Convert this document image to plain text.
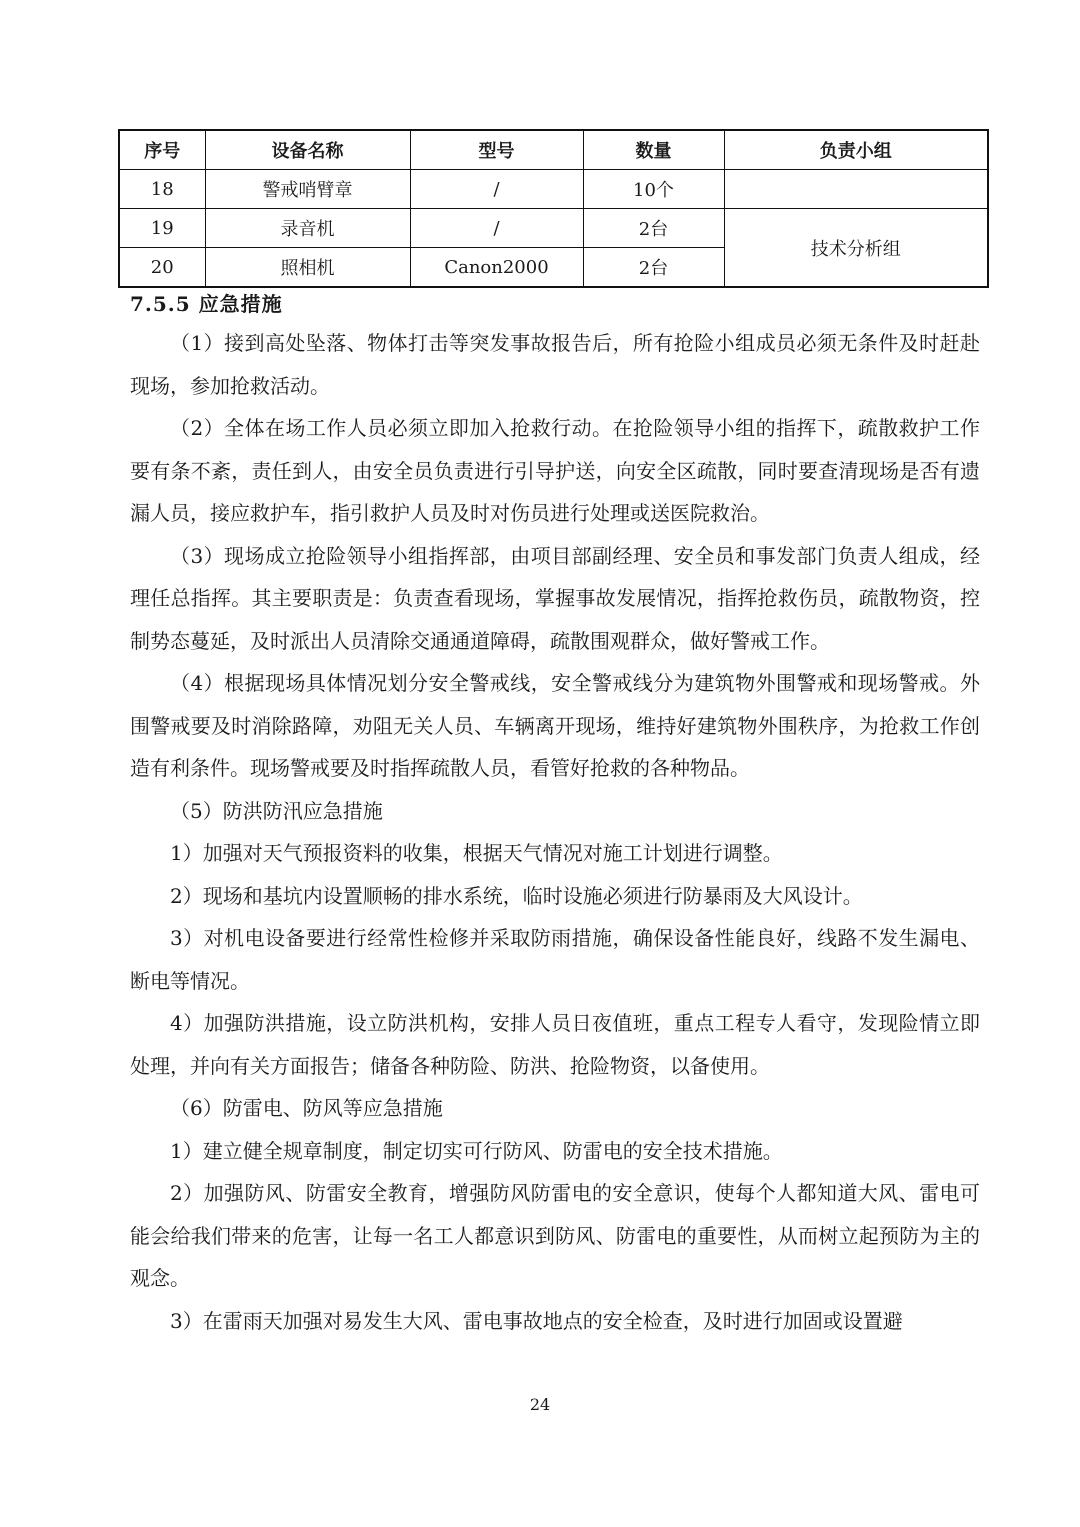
序号	设备名称	型号	数量	负责小组
18	警戒哨臂章	/	10个	
19	录音机	/	2台	技术分析组
20	照相机	Canon2000	2台	
7.5.5 应急措施

（1）接到高处坠落、物体打击等突发事故报告后，所有抢险小组成员必须无条件及时赶赴现场，参加抢救活动。

（2）全体在场工作人员必须立即加入抢救行动。在抢险领导小组的指挥下，疏散救护工作要有条不紊，责任到人，由安全员负责进行引导护送，向安全区疏散，同时要查清现场是否有遗漏人员，接应救护车，指引救护人员及时对伤员进行处理或送医院救治。

（3）现场成立抢险领导小组指挥部，由项目部副经理、安全员和事发部门负责人组成，经理任总指挥。其主要职责是：负责查看现场，掌握事故发展情况，指挥抢救伤员，疏散物资，控制势态蔓延，及时派出人员清除交通通道障碍，疏散围观群众，做好警戒工作。

（4）根据现场具体情况划分安全警戒线，安全警戒线分为建筑物外围警戒和现场警戒。外围警戒要及时消除路障，劝阻无关人员、车辆离开现场，维持好建筑物外围秩序，为抢救工作创造有利条件。现场警戒要及时指挥疏散人员，看管好抢救的各种物品。

（5）防洪防汛应急措施

1）加强对天气预报资料的收集，根据天气情况对施工计划进行调整。

2）现场和基坑内设置顺畅的排水系统，临时设施必须进行防暴雨及大风设计。

3）对机电设备要进行经常性检修并采取防雨措施，确保设备性能良好，线路不发生漏电、断电等情况。

4）加强防洪措施，设立防洪机构，安排人员日夜值班，重点工程专人看守，发现险情立即处理，并向有关方面报告；储备各种防险、防洪、抢险物资，以备使用。

（6）防雷电、防风等应急措施

1）建立健全规章制度，制定切实可行防风、防雷电的安全技术措施。

2）加强防风、防雷安全教育，增强防风防雷电的安全意识，使每个人都知道大风、雷电可能会给我们带来的危害，让每一名工人都意识到防风、防雷电的重要性，从而树立起预防为主的观念。

3）在雷雨天加强对易发生大风、雷电事故地点的安全检查，及时进行加固或设置避

24
